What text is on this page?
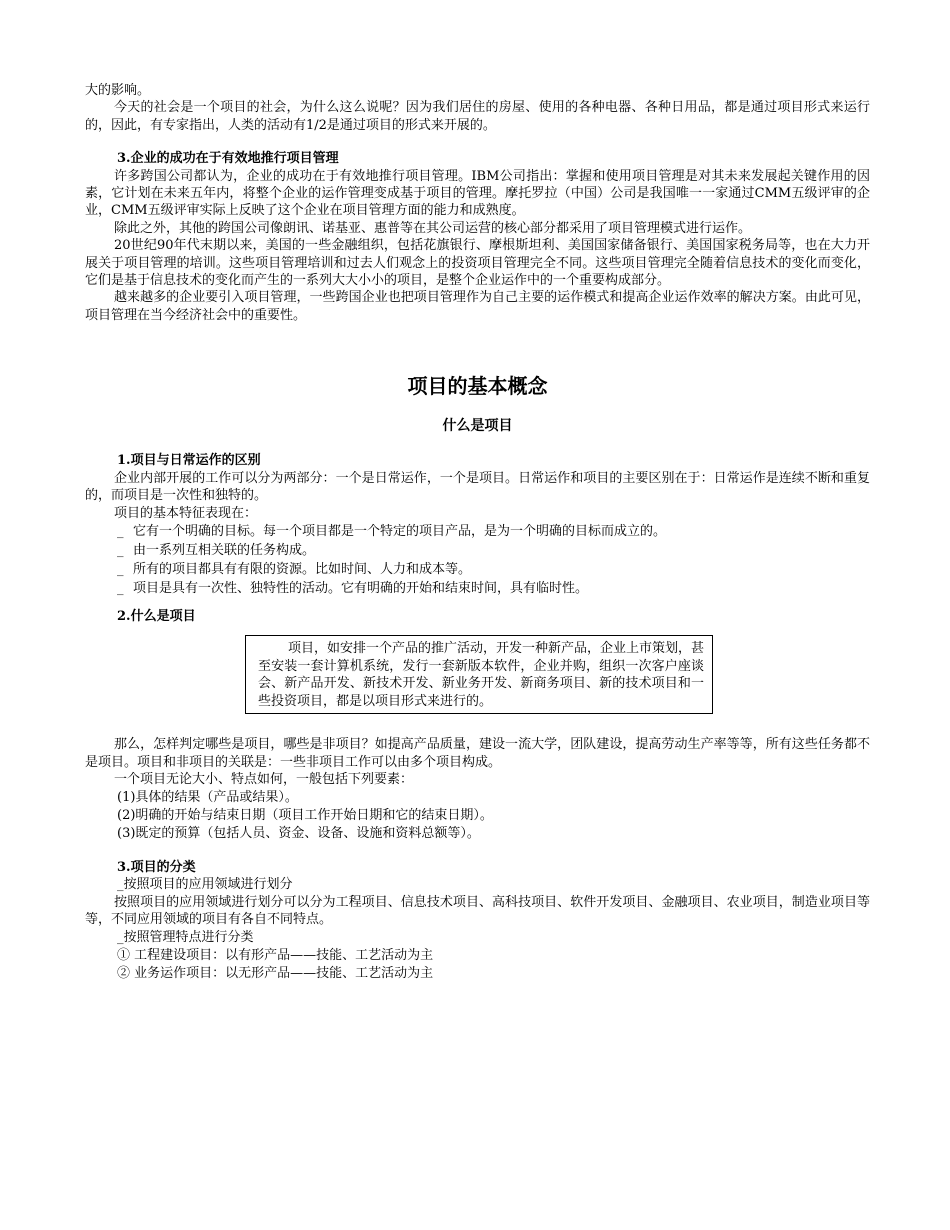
大的影响。

今天的社会是一个项目的社会，为什么这么说呢？因为我们居住的房屋、使用的各种电器、各种日用品，都是通过项目形式来运行的，因此，有专家指出，人类的活动有1/2是通过项目的形式来开展的。

3.企业的成功在于有效地推行项目管理

许多跨国公司都认为，企业的成功在于有效地推行项目管理。IBM公司指出：掌握和使用项目管理是对其未来发展起关键作用的因素，它计划在未来五年内，将整个企业的运作管理变成基于项目的管理。摩托罗拉（中国）公司是我国唯一一家通过CMM五级评审的企业，CMM五级评审实际上反映了这个企业在项目管理方面的能力和成熟度。

除此之外，其他的跨国公司像朗讯、诺基亚、惠普等在其公司运营的核心部分都采用了项目管理模式进行运作。

20世纪90年代末期以来，美国的一些金融组织，包括花旗银行、摩根斯坦利、美国国家储备银行、美国国家税务局等，也在大力开展关于项目管理的培训。这些项目管理培训和过去人们观念上的投资项目管理完全不同。这些项目管理完全随着信息技术的变化而变化，它们是基于信息技术的变化而产生的一系列大大小小的项目，是整个企业运作中的一个重要构成部分。

越来越多的企业要引入项目管理，一些跨国企业也把项目管理作为自己主要的运作模式和提高企业运作效率的解决方案。由此可见，项目管理在当今经济社会中的重要性。

项目的基本概念
什么是项目

1.项目与日常运作的区别

企业内部开展的工作可以分为两部分：一个是日常运作，一个是项目。日常运作和项目的主要区别在于：日常运作是连续不断和重复的，而项目是一次性和独特的。

项目的基本特征表现在：

_ 它有一个明确的目标。每一个项目都是一个特定的项目产品，是为一个明确的目标而成立的。

_ 由一系列互相关联的任务构成。

_ 所有的项目都具有有限的资源。比如时间、人力和成本等。

_ 项目是具有一次性、独特性的活动。它有明确的开始和结束时间，具有临时性。

2.什么是项目

项目，如安排一个产品的推广活动，开发一种新产品，企业上市策划，甚至安装一套计算机系统，发行一套新版本软件，企业并购，组织一次客户座谈会、新产品开发、新技术开发、新业务开发、新商务项目、新的技术项目和一些投资项目，都是以项目形式来进行的。

那么，怎样判定哪些是项目，哪些是非项目？如提高产品质量，建设一流大学，团队建设，提高劳动生产率等等，所有这些任务都不是项目。项目和非项目的关联是：一些非项目工作可以由多个项目构成。

一个项目无论大小、特点如何，一般包括下列要素：

(1)具体的结果（产品或结果）。

(2)明确的开始与结束日期（项目工作开始日期和它的结束日期）。

(3)既定的预算（包括人员、资金、设备、设施和资料总额等）。

3.项目的分类

_按照项目的应用领域进行划分

按照项目的应用领域进行划分可以分为工程项目、信息技术项目、高科技项目、软件开发项目、金融项目、农业项目，制造业项目等等，不同应用领域的项目有各自不同特点。

_按照管理特点进行分类

① 工程建设项目：以有形产品——技能、工艺活动为主

② 业务运作项目：以无形产品——技能、工艺活动为主
